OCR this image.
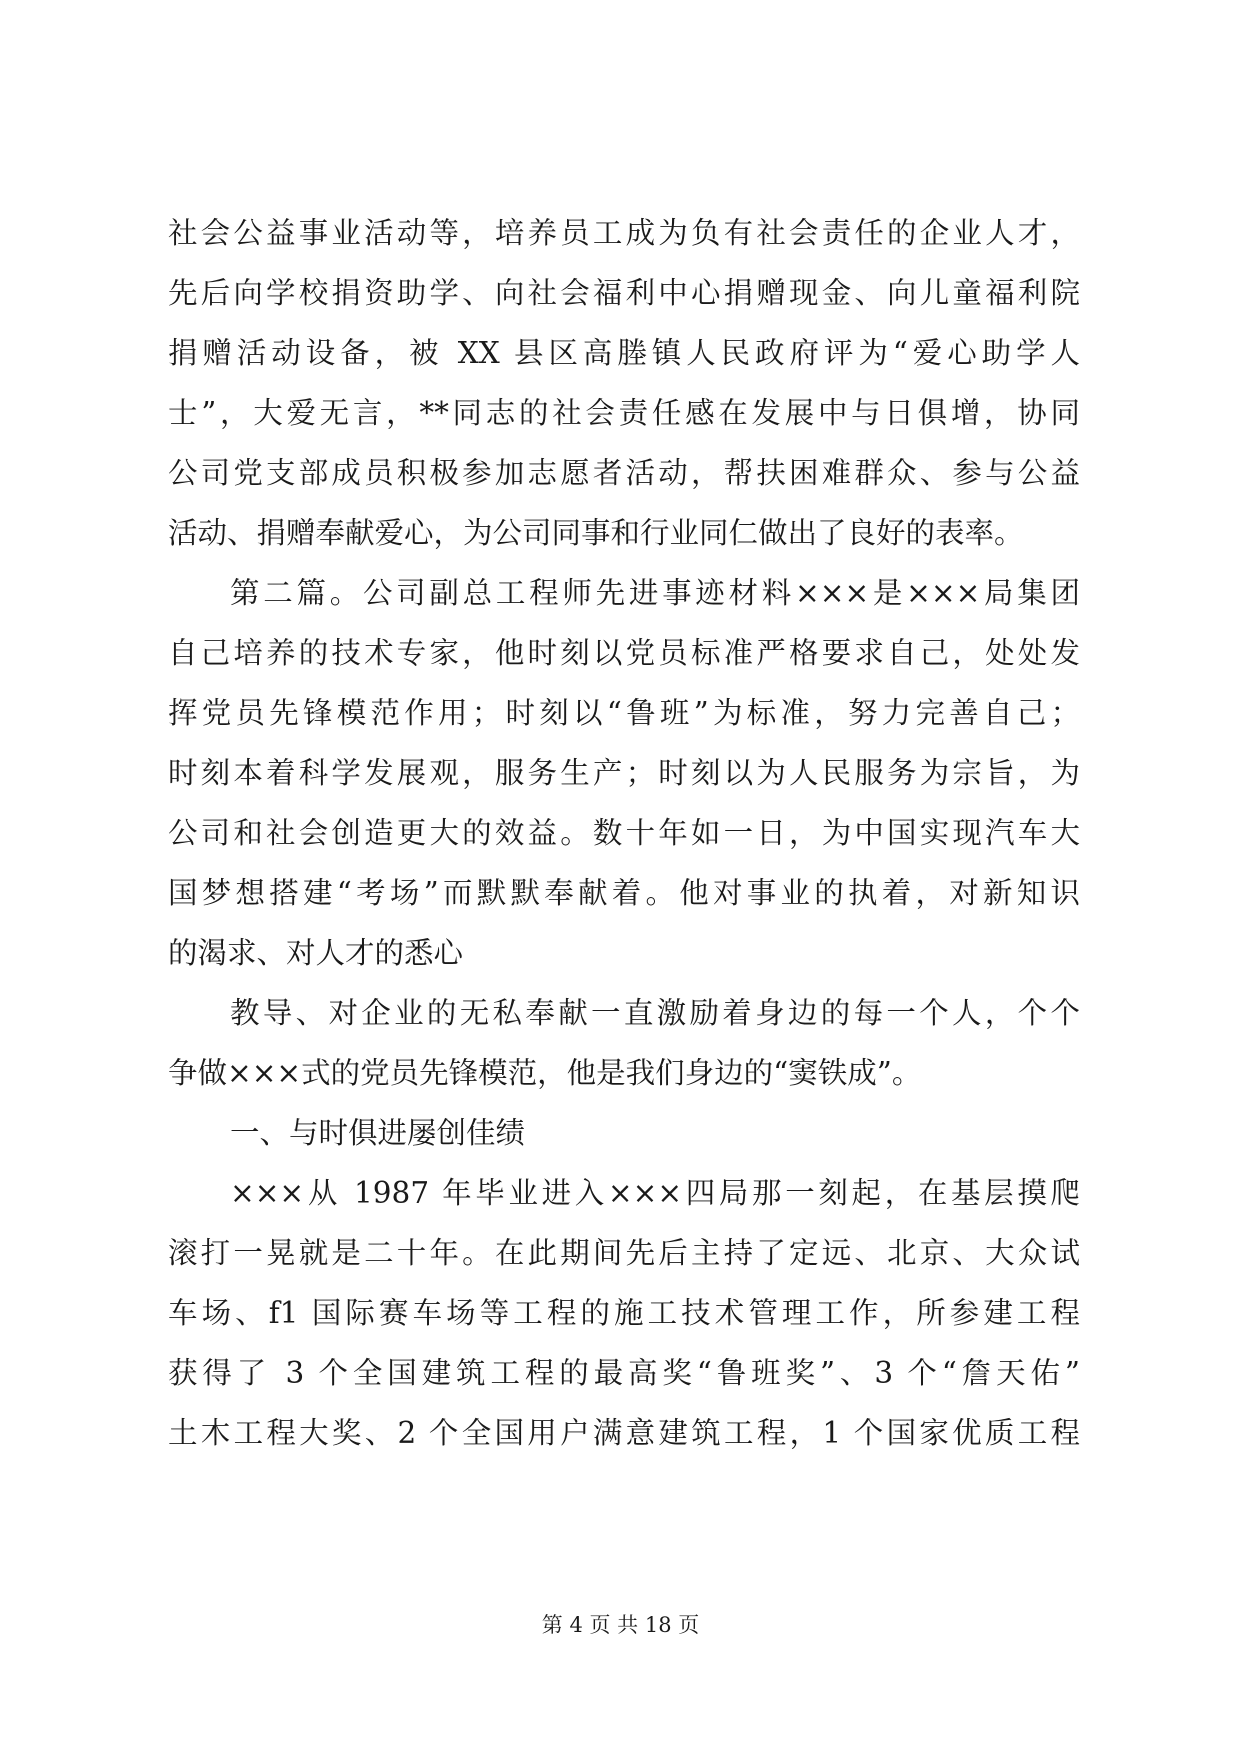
社会公益事业活动等，培养员工成为负有社会责任的企业人才，
先后向学校捐资助学、向社会福利中心捐赠现金、向儿童福利院
捐赠活动设备，被 XX 县区高塍镇人民政府评为“爱心助学人
士”，大爱无言，**同志的社会责任感在发展中与日俱增，协同
公司党支部成员积极参加志愿者活动，帮扶困难群众、参与公益
活动、捐赠奉献爱心，为公司同事和行业同仁做出了良好的表率。
第二篇。公司副总工程师先进事迹材料×××是×××局集团
自己培养的技术专家，他时刻以党员标准严格要求自己，处处发
挥党员先锋模范作用；时刻以“鲁班”为标准，努力完善自己；
时刻本着科学发展观，服务生产；时刻以为人民服务为宗旨，为
公司和社会创造更大的效益。数十年如一日，为中国实现汽车大
国梦想搭建“考场”而默默奉献着。他对事业的执着，对新知识
的渴求、对人才的悉心
教导、对企业的无私奉献一直激励着身边的每一个人，个个
争做×××式的党员先锋模范，他是我们身边的“窦铁成”。
一、与时俱进屡创佳绩
×××从 1987 年毕业进入×××四局那一刻起，在基层摸爬
滚打一晃就是二十年。在此期间先后主持了定远、北京、大众试
车场、f1 国际赛车场等工程的施工技术管理工作，所参建工程
获得了 3 个全国建筑工程的最高奖“鲁班奖”、3 个“詹天佑”
土木工程大奖、2 个全国用户满意建筑工程，1 个国家优质工程
第 4 页 共 18 页
